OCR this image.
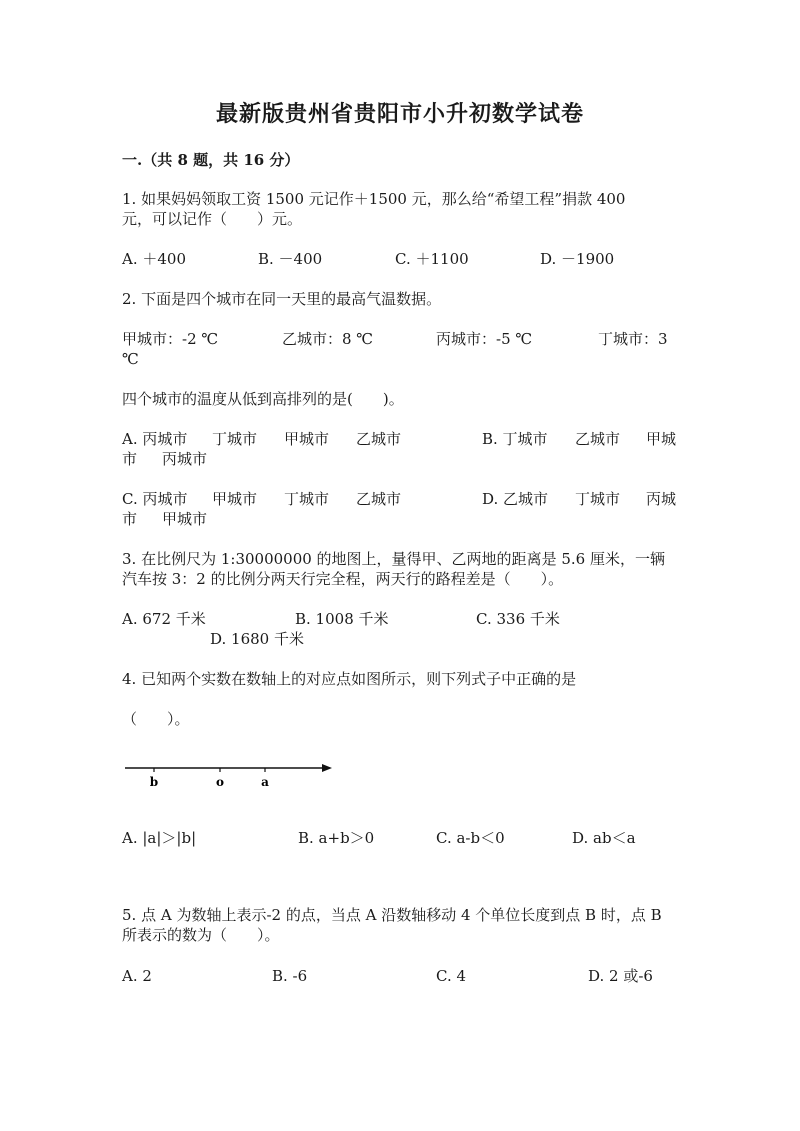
最新版贵州省贵阳市小升初数学试卷
一.（共 8 题，共 16 分）
1. 如果妈妈领取工资 1500 元记作＋1500 元，那么给“希望工程”捐款 400
元，可以记作（　　）元。
A. ＋400	B. －400	C. ＋1100	D. －1900
2. 下面是四个城市在同一天里的最高气温数据。
甲城市：-2 ℃	乙城市：8 ℃	丙城市：-5 ℃	丁城市：3
℃
四个城市的温度从低到高排列的是(　　)。
A. 丙城市 丁城市 甲城市 乙城市	B. 丁城市 乙城市 甲城
市 丙城市
C. 丙城市 甲城市 丁城市 乙城市	D. 乙城市 丁城市 丙城
市 甲城市
3. 在比例尺为 1:30000000 的地图上，量得甲、乙两地的距离是 5.6 厘米，一辆
汽车按 3：2 的比例分两天行完全程，两天行的路程差是（　　）。
A. 672 千米	B. 1008 千米	C. 336 千米
D. 1680 千米
4. 已知两个实数在数轴上的对应点如图所示，则下列式子中正确的是
（　　）。
b	o	a
A. |a|＞|b|	B. a+b＞0	C. a-b＜0	D. ab＜a
5. 点 A 为数轴上表示-2 的点，当点 A 沿数轴移动 4 个单位长度到点 B 时，点 B
所表示的数为（　　）。
A. 2	B. -6	C. 4	D. 2 或-6
